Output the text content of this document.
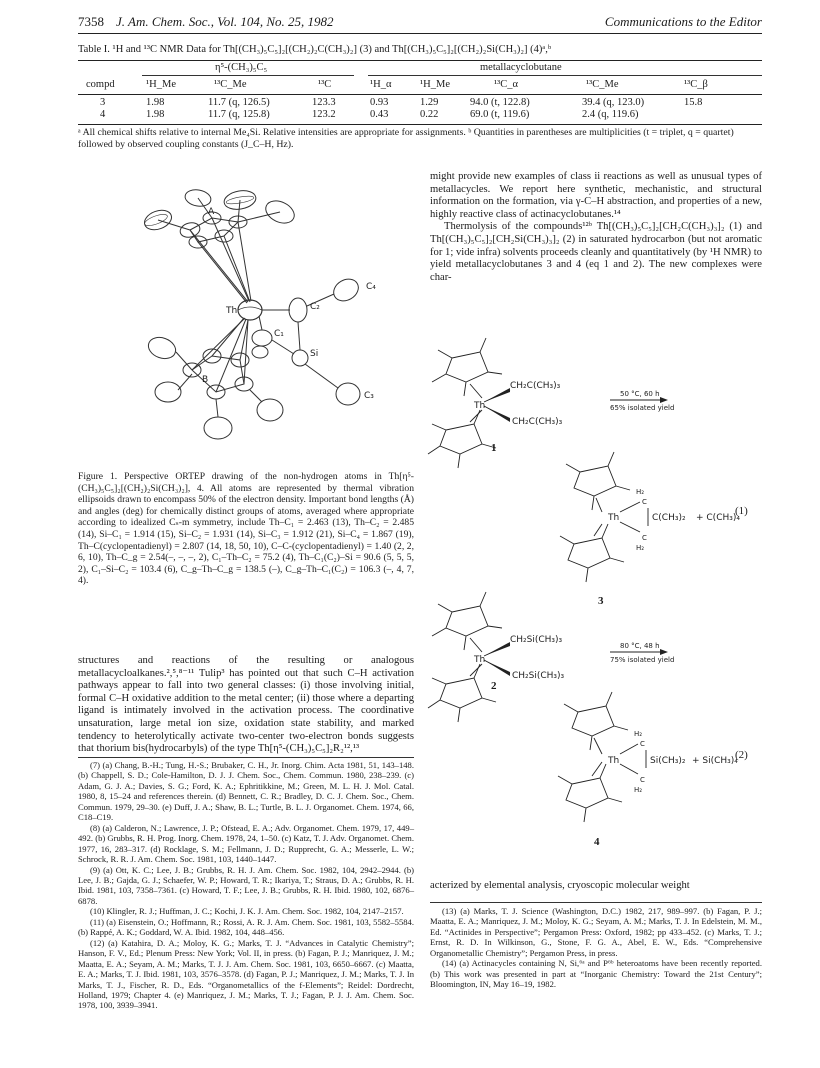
7358 J. Am. Chem. Soc., Vol. 104, No. 25, 1982	Communications to the Editor
Table I. ¹H and ¹³C NMR Data for Th[(CH₃)₅C₅]₂[(CH₂)₂C(CH₃)₂] (3) and Th[(CH₃)₅C₅]₂[(CH₂)₂Si(CH₃)₂] (4)ᵃ,ᵇ
η⁵-(CH₃)₅C₅	metallacyclobutane
compd	¹H_Me	¹³C_Me	¹³C	¹H_α	¹H_Me	¹³C_α	¹³C_Me	¹³C_β
3	1.98	11.7 (q, 126.5)	123.3	0.93	1.29	94.0 (t, 122.8)	39.4 (q, 123.0)	15.8
4	1.98	11.7 (q, 125.8)	123.2	0.43	0.22	69.0 (t, 119.6)	2.4 (q, 119.6)
ᵃ All chemical shifts relative to internal Me₄Si. Relative intensities are appropriate for assignments. ᵇ Quantities in parentheses are multiplicities (t = triplet, q = quartet) followed by observed coupling constants (J_C–H, Hz).
A
Th	C₂
C₄
C₁
Si
B
C₃
Figure 1. Perspective ORTEP drawing of the non-hydrogen atoms in Th[η⁵-(CH₃)₅C₅]₂[(CH₂)₂Si(CH₃)₂], 4. All atoms are represented by thermal vibration ellipsoids drawn to encompass 50% of the electron density. Important bond lengths (Å) and angles (deg) for chemically distinct groups of atoms, averaged where appropriate according to idealized Cₛ-m symmetry, include Th–C₁ = 2.463 (13), Th–C₂ = 2.485 (14), Si–C₁ = 1.914 (15), Si–C₂ = 1.931 (14), Si–C₃ = 1.912 (21), Si–C₄ = 1.867 (19), Th–C(cyclopentadienyl) = 2.807 (14, 18, 50, 10), C–C-(cyclopentadienyl) = 1.40 (2, 2, 6, 10), Th–C_g = 2.54(–, –, –, 2), C₁–Th–C₂ = 75.2 (4), Th–C₁(C₂)–Si = 90.6 (5, 5, 5, 2), C₁–Si–C₂ = 103.4 (6), C_g–Th–C_g = 138.5 (–), C_g–Th–C₁(C₂) = 106.3 (–, 4, 7, 4).

structures and reactions of the resulting or analogous metallacycloalkanes.²,⁵,⁸⁻¹¹ Tulip³ has pointed out that such C–H activation pathways appear to fall into two general classes: (i) those involving initial, formal C–H oxidative addition to the metal center; (ii) those where a departing ligand is intimately involved in the activation process. The coordinative unsaturation, large metal ion size, oxidation state stability, and marked tendency to heterolytically activate two-center two-electron bonds suggests that thorium bis(hydrocarbyls) of the type Th[η⁵-(CH₃)₅C₅]₂R₂¹²,¹³

(7) (a) Chang, B.-H.; Tung, H.-S.; Brubaker, C. H., Jr. Inorg. Chim. Acta 1981, 51, 143–148. (b) Chappell, S. D.; Cole-Hamilton, D. J. J. Chem. Soc., Chem. Commun. 1980, 238–239. (c) Adam, G. J. A.; Davies, S. G.; Ford, K. A.; Ephritikkine, M.; Green, M. L. H. J. Mol. Catal. 1980, 8, 15–24 and references therein. (d) Bennett, C. R.; Bradley, D. C. J. Chem. Soc., Chem. Commun. 1979, 29–30. (e) Duff, J. A.; Shaw, B. L.; Turtle, B. L. J. Organomet. Chem. 1974, 66, C18–C19.

(8) (a) Calderon, N.; Lawrence, J. P.; Ofstead, E. A.; Adv. Organomet. Chem. 1979, 17, 449–492. (b) Grubbs, R. H. Prog. Inorg. Chem. 1978, 24, 1–50. (c) Katz, T. J. Adv. Organomet. Chem. 1977, 16, 283–317. (d) Rocklage, S. M.; Fellmann, J. D.; Rupprecht, G. A.; Messerle, L. W.; Schrock, R. R. J. Am. Chem. Soc. 1981, 103, 1440–1447.

(9) (a) Ott, K. C.; Lee, J. B.; Grubbs, R. H. J. Am. Chem. Soc. 1982, 104, 2942–2944. (b) Lee, J. B.; Gajda, G. J.; Schaefer, W. P.; Howard, T. R.; Ikariya, T.; Straus, D. A.; Grubbs, R. H. Ibid. 1981, 103, 7358–7361. (c) Howard, T. F.; Lee, J. B.; Grubbs, R. H. Ibid. 1980, 102, 6876–6878.

(10) Klingler, R. J.; Huffman, J. C.; Kochi, J. K. J. Am. Chem. Soc. 1982, 104, 2147–2157.

(11) (a) Eisenstein, O.; Hoffmann, R.; Rossi, A. R. J. Am. Chem. Soc. 1981, 103, 5582–5584. (b) Rappé, A. K.; Goddard, W. A. Ibid. 1982, 104, 448–456.

(12) (a) Katahira, D. A.; Moloy, K. G.; Marks, T. J. “Advances in Catalytic Chemistry”; Hanson, F. V., Ed.; Plenum Press: New York; Vol. II, in press. (b) Fagan, P. J.; Manriquez, J. M.; Maatta, E. A.; Seyam, A. M.; Marks, T. J. J. Am. Chem. Soc. 1981, 103, 6650–6667. (c) Maatta, E. A.; Marks, T. J. Ibid. 1981, 103, 3576–3578. (d) Fagan, P. J.; Manriquez, J. M.; Marks, T. J. In Marks, T. J., Fischer, R. D., Eds. “Organometallics of the f-Elements”; Reidel: Dordrecht, Holland, 1979; Chapter 4. (e) Manriquez, J. M.; Marks, T. J.; Fagan, P. J. J. Am. Chem. Soc. 1978, 100, 3939–3941.

might provide new examples of class ii reactions as well as unusual types of metallacycles. We report here synthetic, mechanistic, and structural information on the formation, via γ-C–H abstraction, and properties of a new, highly reactive class of actinacyclobutanes.¹⁴

Thermolysis of the compounds¹²ᵇ Th[(CH₃)₅C₅]₂[CH₂C(CH₃)₃]₂ (1) and Th[(CH₃)₅C₅]₂[CH₂Si(CH₃)₃]₂ (2) in saturated hydrocarbon (but not aromatic for 1; vide infra) solvents proceeds cleanly and quantitatively (by ¹H NMR) to yield metallacyclobutanes 3 and 4 (eq 1 and 2). The new complexes were char-

Th
CH₂C(CH₃)₃
CH₂C(CH₃)₃
50 °C, 60 h
65% isolated yield
Th
H₂
C
C(CH₃)₂
C
H₂
+ C(CH₃)₄
Th
CH₂Si(CH₃)₃
CH₂Si(CH₃)₃
80 °C, 48 h
75% isolated yield
Th
H₂
C
Si(CH₃)₂
C
H₂
+ Si(CH₃)₄
(1)
(2)
1
3
2
4

acterized by elemental analysis, cryoscopic molecular weight

(13) (a) Marks, T. J. Science (Washington, D.C.) 1982, 217, 989–997. (b) Fagan, P. J.; Maatta, E. A.; Manriquez, J. M.; Moloy, K. G.; Seyam, A. M.; Marks, T. J. In Edelstein, M. M., Ed. “Actinides in Perspective”; Pergamon Press: Oxford, 1982; pp 433–452. (c) Marks, T. J.; Ernst, R. D. In Wilkinson, G., Stone, F. G. A., Abel, E. W., Eds. “Comprehensive Organometallic Chemistry”; Pergamon Press, in press.

(14) (a) Actinacycles containing N, Si,⁶ᵃ and P⁶ᵇ heteroatoms have been recently reported. (b) This work was presented in part at “Inorganic Chemistry: Toward the 21st Century”; Bloomington, IN, May 16–19, 1982.
